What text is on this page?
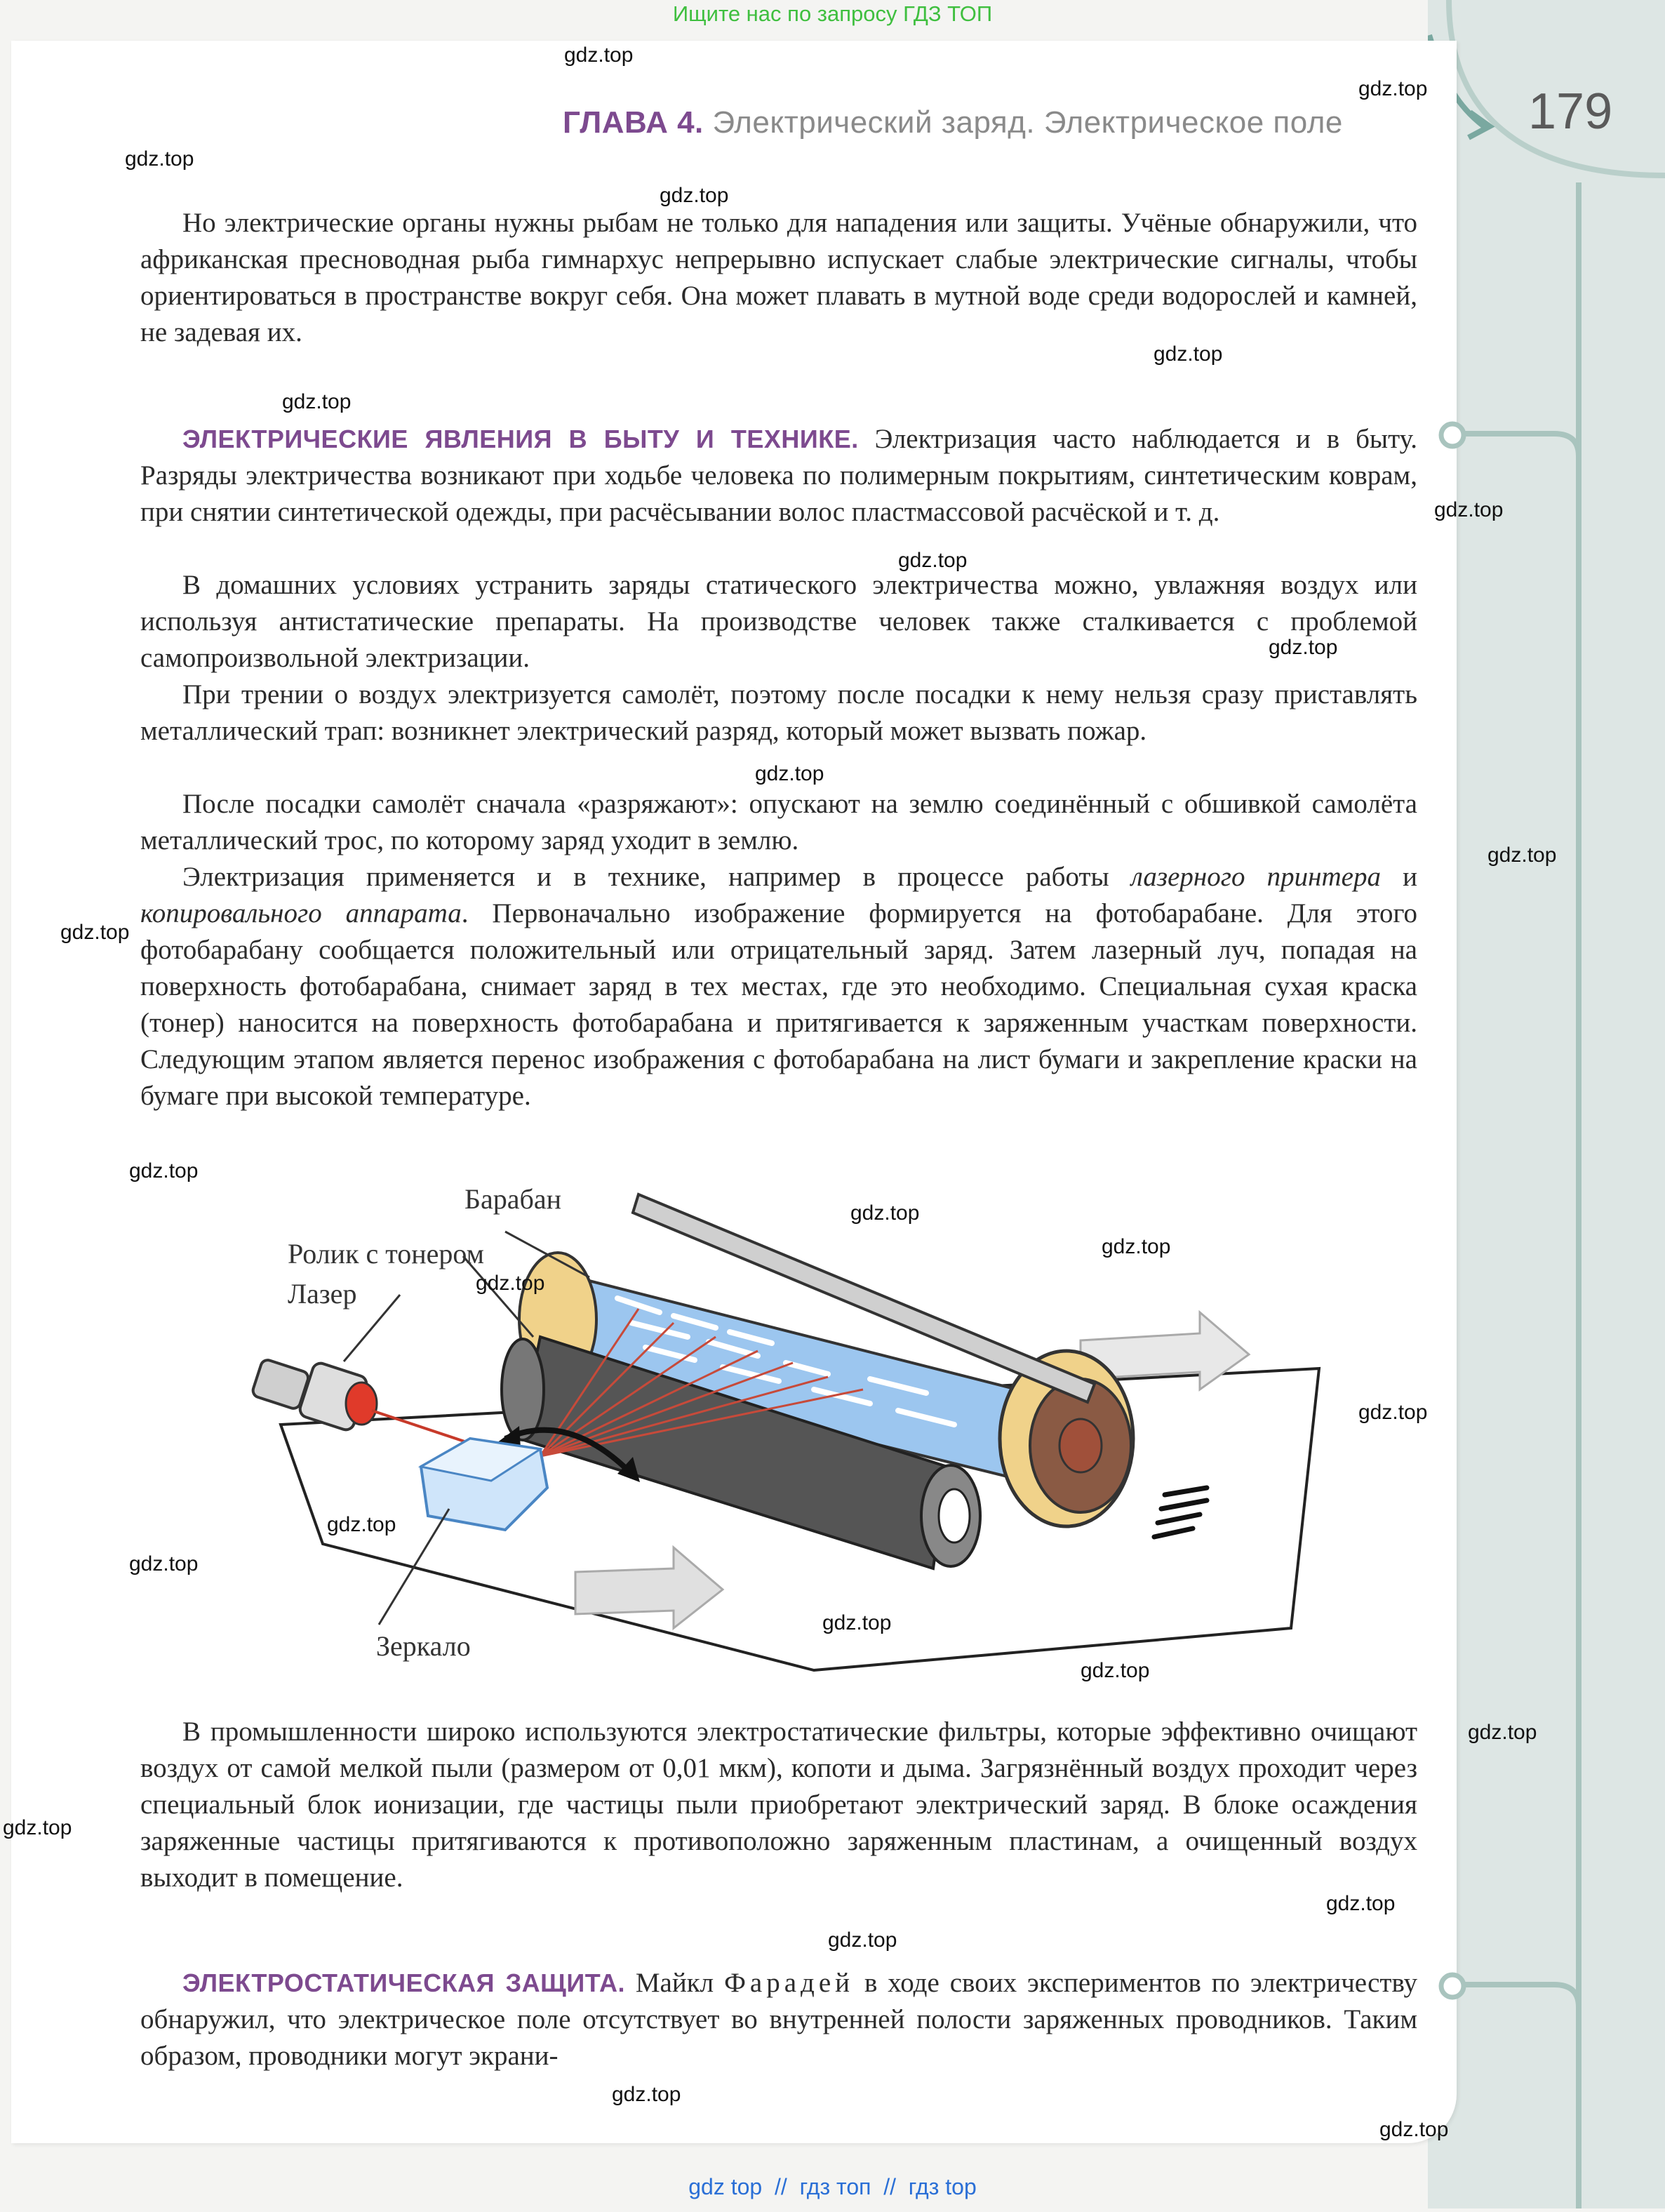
Ищите нас по запросу ГДЗ ТОП
179
ГЛАВА 4. Электрический заряд. Электрическое поле

Но электрические органы нужны рыбам не только для нападения или защиты. Учёные обнаружили, что африканская пресноводная рыба гимнархус непрерывно испускает слабые электрические сигналы, чтобы ориентироваться в пространстве вокруг себя. Она может плавать в мутной воде среди водорослей и камней, не задевая их.

ЭЛЕКТРИЧЕСКИЕ ЯВЛЕНИЯ В БЫТУ И ТЕХНИКЕ. Электризация часто наблюдается и в быту. Разряды электричества возникают при ходьбе человека по полимерным покрытиям, синтетическим коврам, при снятии синтетической одежды, при расчёсывании волос пластмассовой расчёской и т. д.

В домашних условиях устранить заряды статического электричества можно, увлажняя воздух или используя антистатические препараты. На производстве человек также сталкивается с проблемой самопроизвольной электризации.

При трении о воздух электризуется самолёт, поэтому после посадки к нему нельзя сразу приставлять металлический трап: возникнет электрический разряд, который может вызвать пожар.

После посадки самолёт сначала «разряжают»: опускают на землю соединённый с обшивкой самолёта металлический трос, по которому заряд уходит в землю.

Электризация применяется и в технике, например в процессе работы лазерного принтера и копировального аппарата. Первоначально изображение формируется на фотобарабане. Для этого фотобарабану сообщается положительный или отрицательный заряд. Затем лазерный луч, попадая на поверхность фотобарабана, снимает заряд в тех местах, где это необходимо. Специальная сухая краска (тонер) наносится на поверхность фотобарабана и притягивается к заряженным участкам поверхности. Следующим этапом является перенос изображения с фотобарабана на лист бумаги и закрепление краски на бумаге при высокой температуре.

Барабан
Ролик с тонером
Лазер
Зеркало

В промышленности широко используются электростатические фильтры, которые эффективно очищают воздух от самой мелкой пыли (размером от 0,01 мкм), копоти и дыма. Загрязнённый воздух проходит через специальный блок ионизации, где частицы пыли приобретают электрический заряд. В блоке осаждения заряженные частицы притягиваются к противоположно заряженным пластинам, а очищенный воздух выходит в помещение.

ЭЛЕКТРОСТАТИЧЕСКАЯ ЗАЩИТА. Майкл Фарадей в ходе своих экспериментов по электричеству обнаружил, что электрическое поле отсутствует во внутренней полости заряженных проводников. Таким образом, проводники могут экрани-

gdz.top
gdz.top
gdz.top
gdz.top
gdz.top
gdz.top
gdz.top
gdz.top
gdz.top
gdz.top
gdz.top
gdz.top
gdz.top
gdz.top
gdz.top
gdz.top
gdz.top
gdz.top
gdz.top
gdz.top
gdz.top
gdz.top
gdz.top
gdz.top
gdz.top
gdz.top
gdz.top
gdz top  //  гдз топ  //  гдз top
